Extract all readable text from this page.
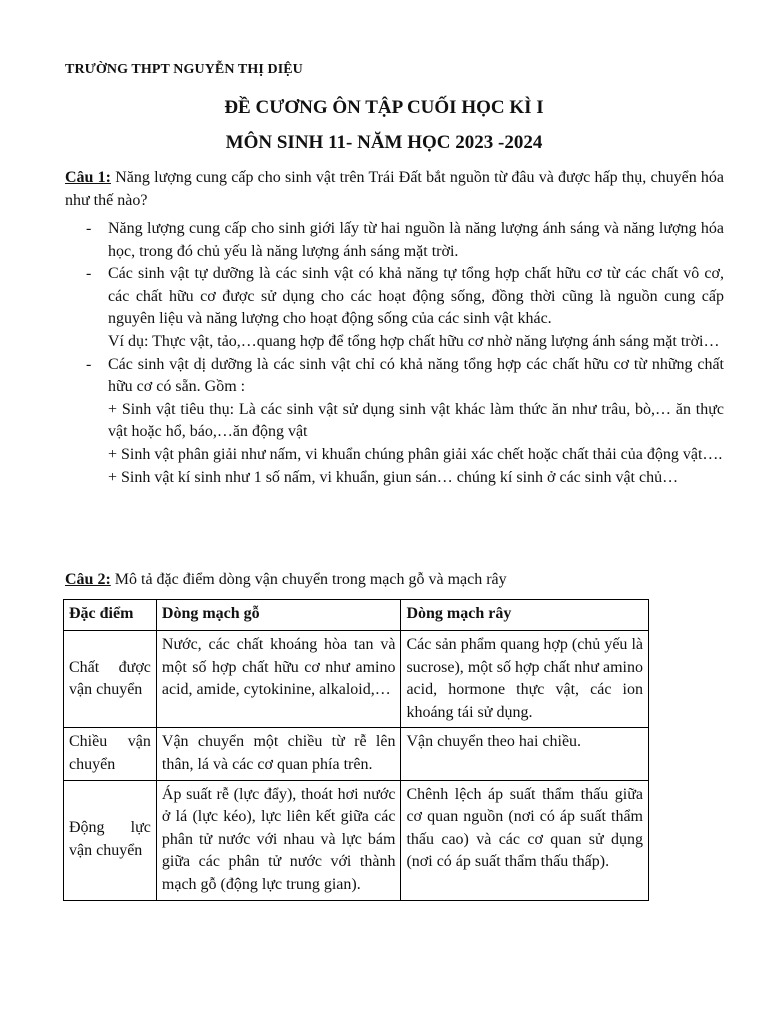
TRƯỜNG THPT NGUYỄN THỊ DIỆU
ĐỀ CƯƠNG ÔN TẬP CUỐI HỌC KÌ I
MÔN SINH 11- NĂM HỌC 2023 -2024
Câu 1: Năng lượng cung cấp cho sinh vật trên Trái Đất bắt nguồn từ đâu và được hấp thụ, chuyển hóa như thế nào?
- Năng lượng cung cấp cho sinh giới lấy từ hai nguồn là năng lượng ánh sáng và năng lượng hóa học, trong đó chủ yếu là năng lượng ánh sáng mặt trời.
- Các sinh vật tự dưỡng là các sinh vật có khả năng tự tổng hợp chất hữu cơ từ các chất vô cơ, các chất hữu cơ được sử dụng cho các hoạt động sống, đồng thời cũng là nguồn cung cấp nguyên liệu và năng lượng cho hoạt động sống của các sinh vật khác.
Ví dụ: Thực vật, tảo,…quang hợp để tổng hợp chất hữu cơ nhờ năng lượng ánh sáng mặt trời…
- Các sinh vật dị dưỡng là các sinh vật chỉ có khả năng tổng hợp các chất hữu cơ từ những chất hữu cơ có sẵn. Gồm :
+ Sinh vật tiêu thụ: Là các sinh vật sử dụng sinh vật khác làm thức ăn như trâu, bò,… ăn thực vật hoặc hổ, báo,…ăn động vật
+ Sinh vật phân giải như nấm, vi khuẩn chúng phân giải xác chết hoặc chất thải của động vật….
+ Sinh vật kí sinh như 1 số nấm, vi khuẩn, giun sán… chúng kí sinh ở các sinh vật chủ…
Câu 2: Mô tả đặc điểm dòng vận chuyển trong mạch gỗ và mạch rây
Đặc điểm	Dòng mạch gỗ	Dòng mạch rây
Chất được vận chuyển	Nước, các chất khoáng hòa tan và một số hợp chất hữu cơ như amino acid, amide, cytokinine, alkaloid,…	Các sản phẩm quang hợp (chủ yếu là sucrose), một số hợp chất như amino acid, hormone thực vật, các ion khoáng tái sử dụng.
Chiều vận chuyển	Vận chuyển một chiều từ rễ lên thân, lá và các cơ quan phía trên.	Vận chuyển theo hai chiều.
Động lực vận chuyển	Áp suất rễ (lực đẩy), thoát hơi nước ở lá (lực kéo), lực liên kết giữa các phân tử nước với nhau và lực bám giữa các phân tử nước với thành mạch gỗ (động lực trung gian).	Chênh lệch áp suất thẩm thấu giữa cơ quan nguồn (nơi có áp suất thẩm thấu cao) và các cơ quan sử dụng (nơi có áp suất thẩm thấu thấp).
